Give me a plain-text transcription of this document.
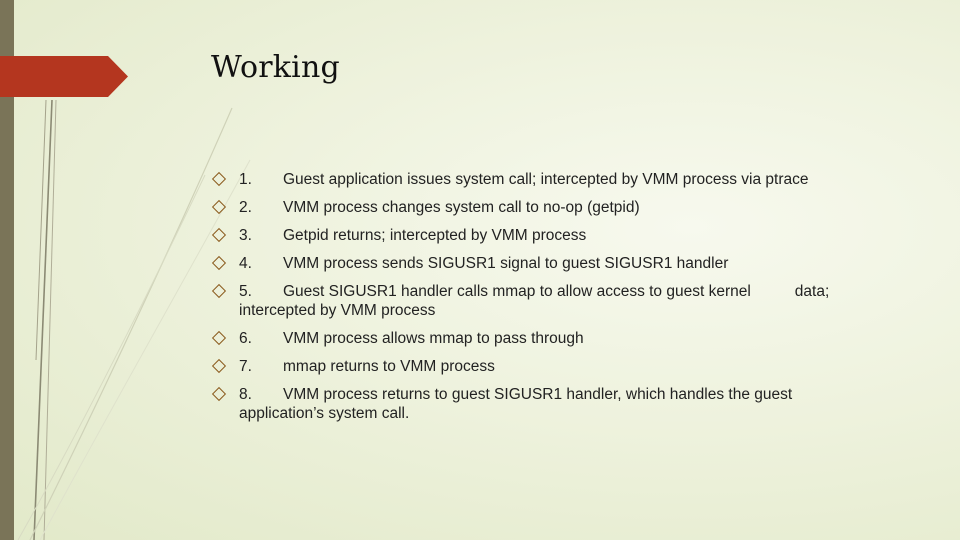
Working
1. Guest application issues system call; intercepted by VMM process via ptrace
2. VMM process changes system call to no-op (getpid)
3. Getpid returns; intercepted by VMM process
4. VMM process sends SIGUSR1 signal to guest SIGUSR1 handler
5. Guest SIGUSR1 handler calls mmap to allow access to guest kernel	data;
intercepted by VMM process
6. VMM process allows mmap to pass through
7. mmap returns to VMM process
8. VMM process returns to guest SIGUSR1 handler, which handles the guest
application’s system call.
